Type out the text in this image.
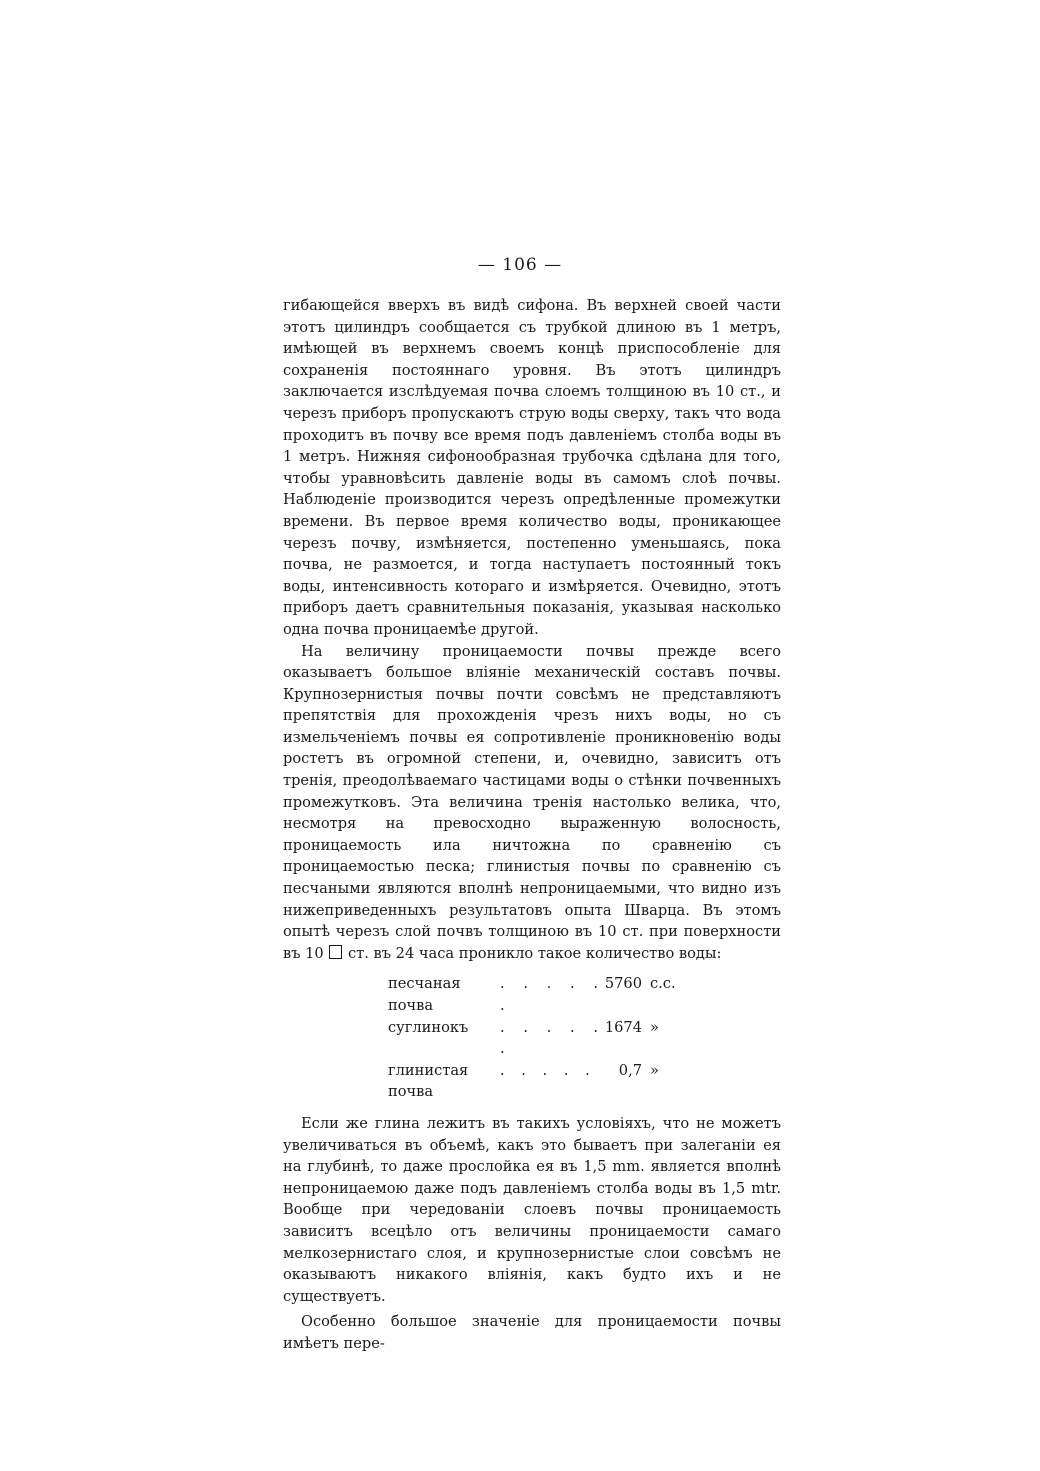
— 106 —

гибающейся вверхъ въ видѣ сифона. Въ верхней своей части этотъ цилиндръ сообщается съ трубкой длиною въ 1 метръ, имѣющей въ верхнемъ своемъ концѣ приспособленіе для сохраненія постояннаго уровня. Въ этотъ цилиндръ заключается изслѣдуемая почва слоемъ толщиною въ 10 ст., и черезъ приборъ пропускаютъ струю воды сверху, такъ что вода проходитъ въ почву все время подъ давленіемъ столба воды въ 1 метръ. Нижняя сифонообразная трубочка сдѣлана для того, чтобы уравновѣсить давленіе воды въ самомъ слоѣ почвы. Наблюденіе производится черезъ опредѣленные промежутки времени. Въ первое время количество воды, проникающее черезъ почву, измѣняется, постепенно уменьшаясь, пока почва, не размоется, и тогда наступаетъ постоянный токъ воды, интенсивность котораго и измѣряется. Очевидно, этотъ приборъ даетъ сравнительныя показанія, указывая насколько одна почва проницаемѣе другой.

На величину проницаемости почвы прежде всего оказываетъ большое вліяніе механическій составъ почвы. Крупнозернистыя почвы почти совсѣмъ не представляютъ препятствія для прохожденія чрезъ нихъ воды, но съ измельченіемъ почвы ея сопротивленіе проникновенію воды ростетъ въ огромной степени, и, очевидно, зависитъ отъ тренія, преодолѣваемаго частицами воды о стѣнки почвенныхъ промежутковъ. Эта величина тренія настолько велика, что, несмотря на превосходно выраженную волосность, проницаемость ила ничтожна по сравненію съ проницаемостью песка; глинистыя почвы по сравненію съ песчаными являются вполнѣ непроницаемыми, что видно изъ нижеприведенныхъ результатовъ опыта Шварца. Въ этомъ опытѣ черезъ слой почвъ толщиною въ 10 ст. при поверхности въ 10 ст. въ 24 часа проникло такое количество воды:

песчаная почва	. . . . . .	5760	c.c.
суглинокъ	. . . . . .	1674	»
глинистая почва	. . . . .	0,7	»

Если же глина лежитъ въ такихъ условіяхъ, что не можетъ увеличиваться въ объемѣ, какъ это бываетъ при залеганіи ея на глубинѣ, то даже прослойка ея въ 1,5 mm. является вполнѣ непроницаемою даже подъ давленіемъ столба воды въ 1,5 mtr. Вообще при чередованіи слоевъ почвы проницаемость зависитъ всецѣло отъ величины проницаемости самаго мелкозернистаго слоя, и крупнозернистые слои совсѣмъ не оказываютъ никакого вліянія, какъ будто ихъ и не существуетъ.

Особенно большое значеніе для проницаемости почвы имѣетъ пере-
